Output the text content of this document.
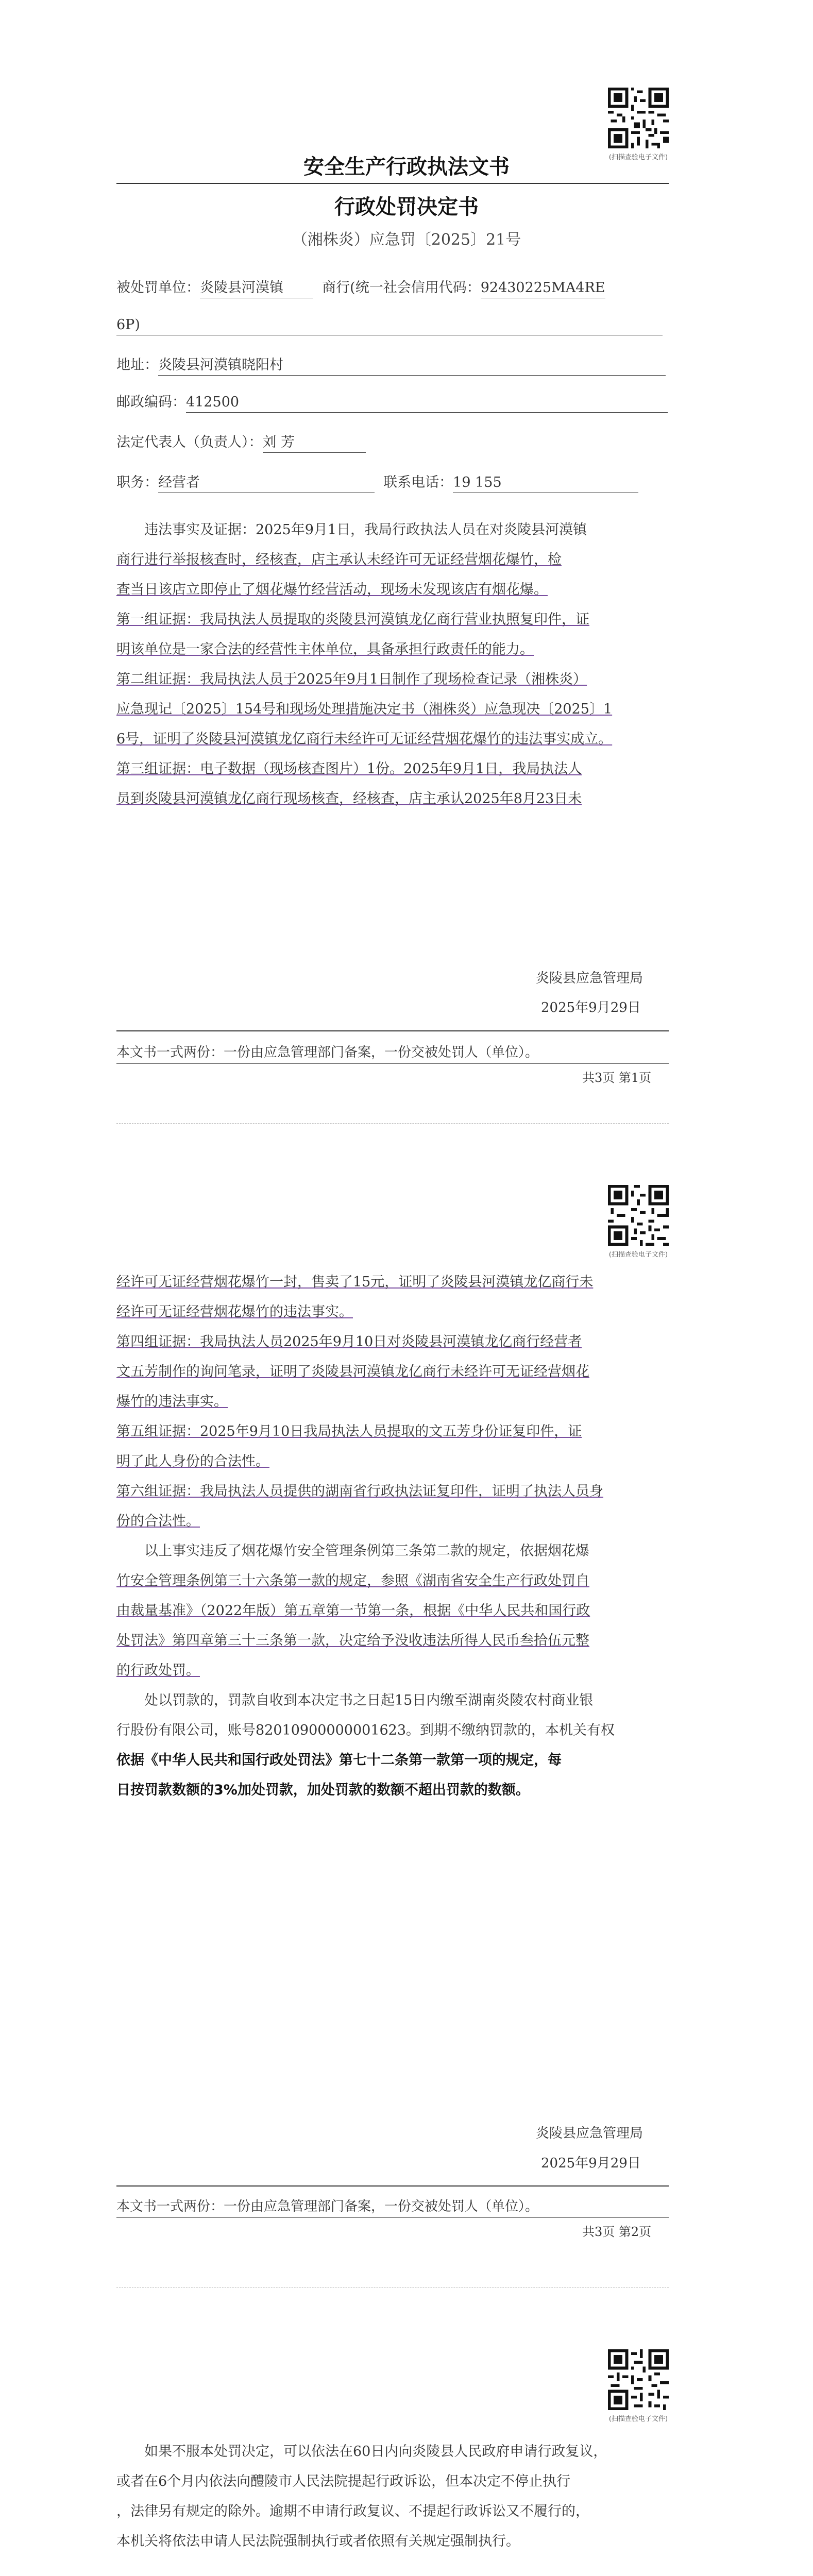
(扫描查验电子文件)
安全生产行政执法文书
行政处罚决定书
（湘株炎）应急罚〔2025〕21号
被处罚单位：炎陵县河漠镇	商行(统一社会信用代码：92430225MA4RE
6P)
地址：炎陵县河漠镇晓阳村
邮政编码：412500
法定代表人（负责人）：刘 芳
职务：经营者	联系电话：19 155
违法事实及证据：2025年9月1日，我局行政执法人员在对炎陵县河漠镇
商行进行举报核查时，经核查，店主承认未经许可无证经营烟花爆竹，检
查当日该店立即停止了烟花爆竹经营活动，现场未发现该店有烟花爆。
第一组证据：我局执法人员提取的炎陵县河漠镇龙亿商行营业执照复印件，证
明该单位是一家合法的经营性主体单位，具备承担行政责任的能力。
第二组证据：我局执法人员于2025年9月1日制作了现场检查记录（湘株炎）
应急现记〔2025〕154号和现场处理措施决定书（湘株炎）应急现决〔2025〕1
6号，证明了炎陵县河漠镇龙亿商行未经许可无证经营烟花爆竹的违法事实成立。
第三组证据：电子数据（现场核查图片）1份。2025年9月1日，我局执法人
员到炎陵县河漠镇龙亿商行现场核查，经核查，店主承认2025年8月23日未
炎陵县应急管理局
2025年9月29日
本文书一式两份：一份由应急管理部门备案，一份交被处罚人（单位）。
共3页 第1页
(扫描查验电子文件)
经许可无证经营烟花爆竹一封，售卖了15元，证明了炎陵县河漠镇龙亿商行未
经许可无证经营烟花爆竹的违法事实。
第四组证据：我局执法人员2025年9月10日对炎陵县河漠镇龙亿商行经营者
文五芳制作的询问笔录，证明了炎陵县河漠镇龙亿商行未经许可无证经营烟花
爆竹的违法事实。
第五组证据：2025年9月10日我局执法人员提取的文五芳身份证复印件，证
明了此人身份的合法性。
第六组证据：我局执法人员提供的湖南省行政执法证复印件，证明了执法人员身
份的合法性。
以上事实违反了烟花爆竹安全管理条例第三条第二款的规定，依据烟花爆
竹安全管理条例第三十六条第一款的规定，参照《湖南省安全生产行政处罚自
由裁量基准》（2022年版）第五章第一节第一条，根据《中华人民共和国行政
处罚法》第四章第三十三条第一款，决定给予没收违法所得人民币叁拾伍元整
的行政处罚。
处以罚款的，罚款自收到本决定书之日起15日内缴至湖南炎陵农村商业银
行股份有限公司，账号82010900000001623。到期不缴纳罚款的，本机关有权
依据《中华人民共和国行政处罚法》第七十二条第一款第一项的规定，每
日按罚款数额的3%加处罚款，加处罚款的数额不超出罚款的数额。
炎陵县应急管理局
2025年9月29日
本文书一式两份：一份由应急管理部门备案，一份交被处罚人（单位）。
共3页 第2页
(扫描查验电子文件)
如果不服本处罚决定，可以依法在60日内向炎陵县人民政府申请行政复议，
或者在6个月内依法向醴陵市人民法院提起行政诉讼，但本决定不停止执行
，法律另有规定的除外。逾期不申请行政复议、不提起行政诉讼又不履行的，
本机关将依法申请人民法院强制执行或者依照有关规定强制执行。
